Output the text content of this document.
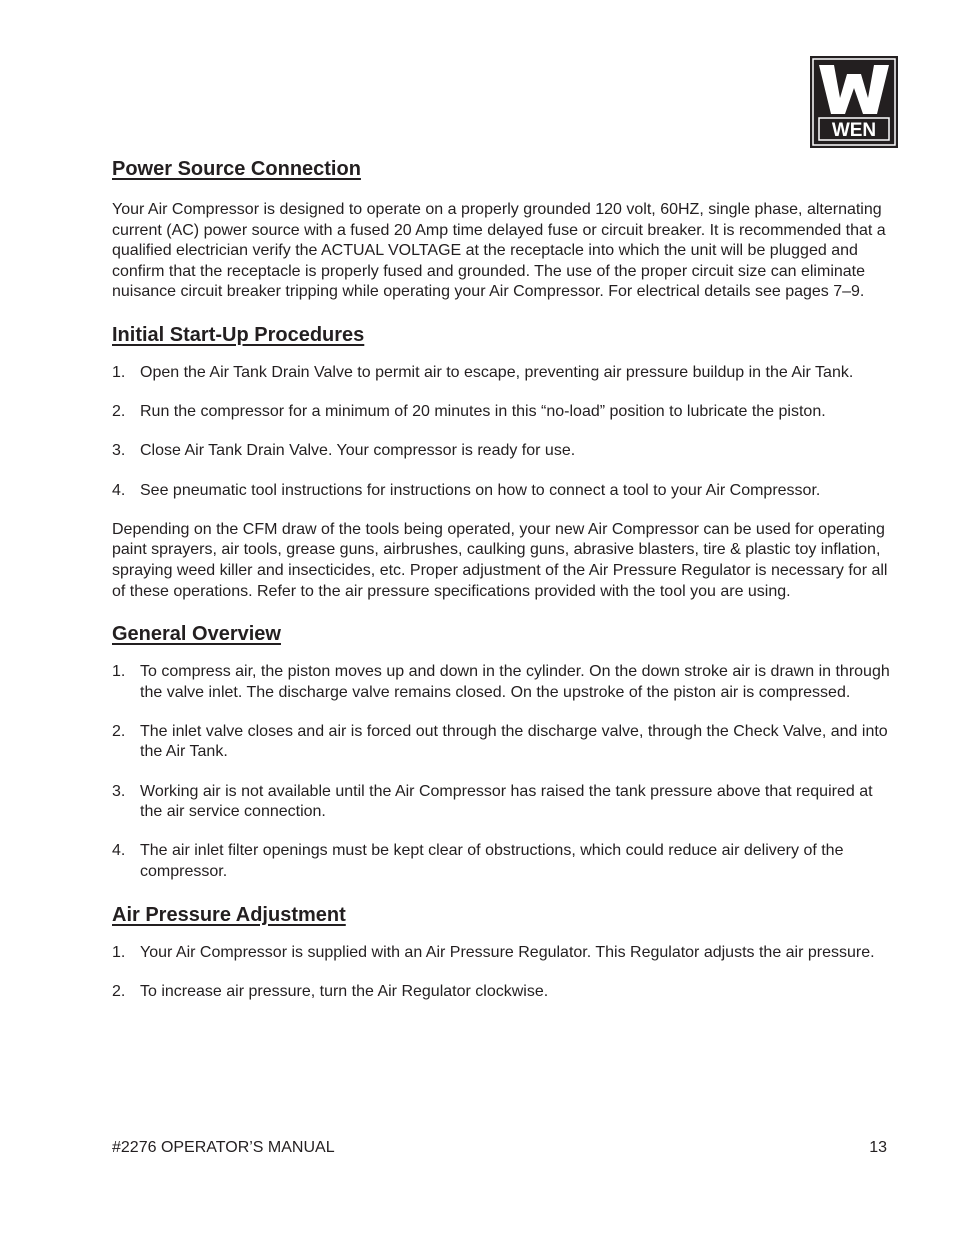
WEN
Power Source Connection

Your Air Compressor is designed to operate on a properly grounded 120 volt, 60HZ, single phase, alternating current (AC) power source with a fused 20 Amp time delayed fuse or circuit breaker. It is recommended that a qualified electrician verify the ACTUAL VOLTAGE at the receptacle into which the unit will be plugged and confirm that the receptacle is properly fused and grounded. The use of the proper circuit size can eliminate nuisance circuit breaker tripping while operating your Air Compressor. For electrical details see pages 7–9.

Initial Start-Up Procedures
1. Open the Air Tank Drain Valve to permit air to escape, preventing air pressure buildup in the Air Tank.
2. Run the compressor for a minimum of 20 minutes in this “no-load” position to lubricate the piston.
3. Close Air Tank Drain Valve. Your compressor is ready for use.
4. See pneumatic tool instructions for instructions on how to connect a tool to your Air Compressor.

Depending on the CFM draw of the tools being operated, your new Air Compressor can be used for operating paint sprayers, air tools, grease guns, airbrushes, caulking guns, abrasive blasters, tire & plastic toy inflation, spraying weed killer and insecticides, etc. Proper adjustment of the Air Pressure Regulator is necessary for all of these operations. Refer to the air pressure specifications provided with the tool you are using.

General Overview
1. To compress air, the piston moves up and down in the cylinder. On the down stroke air is drawn in through the valve inlet. The discharge valve remains closed. On the upstroke of the piston air is compressed.
2. The inlet valve closes and air is forced out through the discharge valve, through the Check Valve, and into the Air Tank.
3. Working air is not available until the Air Compressor has raised the tank pressure above that required at the air service connection.
4. The air inlet filter openings must be kept clear of obstructions, which could reduce air delivery of the compressor.
Air Pressure Adjustment
1. Your Air Compressor is supplied with an Air Pressure Regulator. This Regulator adjusts the air pressure.
2. To increase air pressure, turn the Air Regulator clockwise.
#2276 OPERATOR’S MANUAL	13
